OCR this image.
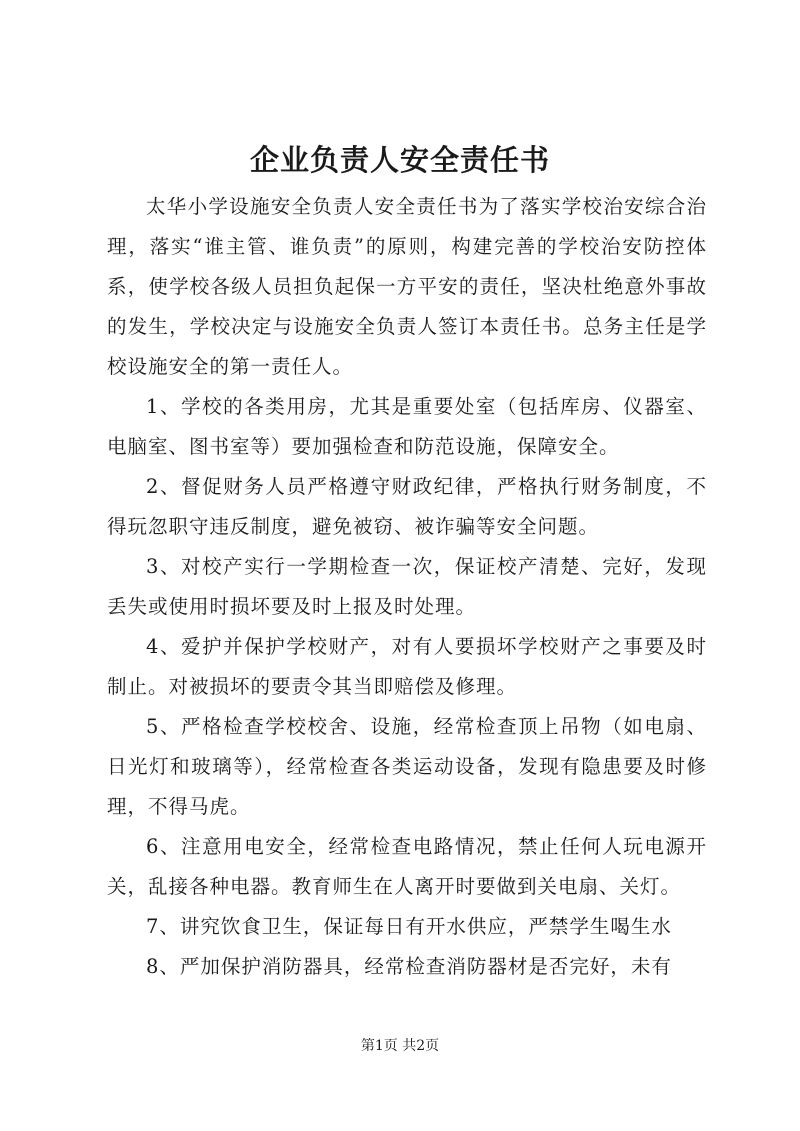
企业负责人安全责任书

太华小学设施安全负责人安全责任书为了落实学校治安综合治理，落实“谁主管、谁负责”的原则，构建完善的学校治安防控体系，使学校各级人员担负起保一方平安的责任，坚决杜绝意外事故的发生，学校决定与设施安全负责人签订本责任书。总务主任是学校设施安全的第一责任人。

1、学校的各类用房，尤其是重要处室（包括库房、仪器室、电脑室、图书室等）要加强检查和防范设施，保障安全。

2、督促财务人员严格遵守财政纪律，严格执行财务制度，不得玩忽职守违反制度，避免被窃、被诈骗等安全问题。

3、对校产实行一学期检查一次，保证校产清楚、完好，发现丢失或使用时损坏要及时上报及时处理。

4、爱护并保护学校财产，对有人要损坏学校财产之事要及时制止。对被损坏的要责令其当即赔偿及修理。

5、严格检查学校校舍、设施，经常检查顶上吊物（如电扇、日光灯和玻璃等），经常检查各类运动设备，发现有隐患要及时修理，不得马虎。

6、注意用电安全，经常检查电路情况，禁止任何人玩电源开关，乱接各种电器。教育师生在人离开时要做到关电扇、关灯。

7、讲究饮食卫生，保证每日有开水供应，严禁学生喝生水

8、严加保护消防器具，经常检查消防器材是否完好，未有

第1页 共2页
